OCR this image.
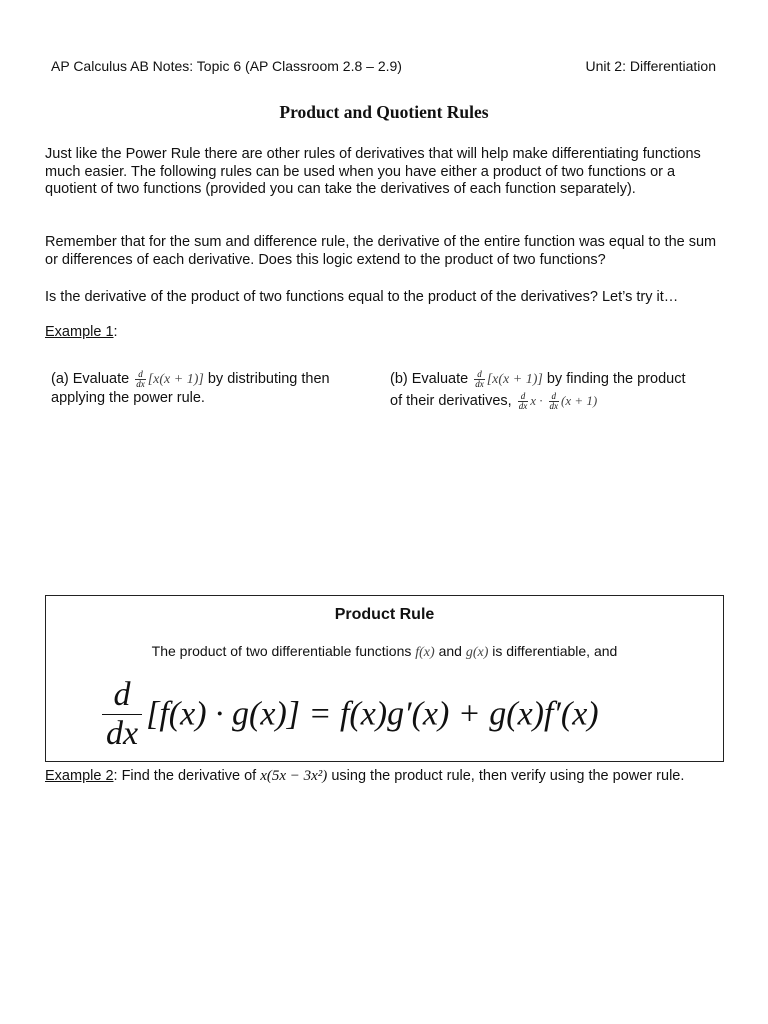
AP Calculus AB Notes: Topic 6 (AP Classroom 2.8 – 2.9)	Unit 2: Differentiation
Product and Quotient Rules

Just like the Power Rule there are other rules of derivatives that will help make differentiating functions much easier. The following rules can be used when you have either a product of two functions or a quotient of two functions (provided you can take the derivatives of each function separately).

Remember that for the sum and difference rule, the derivative of the entire function was equal to the sum or differences of each derivative. Does this logic extend to the product of two functions?

Is the derivative of the product of two functions equal to the product of the derivatives? Let’s try it…

Example 1:
(a) Evaluate $\frac{d}{dx} [x(x + 1)]$ by distributing then
applying the power rule.
(b) Evaluate $\frac{d}{dx} [x(x + 1)]$ by finding the product
of their derivatives, $\frac{d}{dx}$ $x \cdot \frac{d}{dx} (x + 1)$
Product Rule
The product of two differentiable functions f(x) and g(x) is differentiable, and
$\frac{d}{dx} [f(x) \cdot g(x)] = f(x)g'(x) + g(x)f'(x)$
Example 2: Find the derivative of x(5x − 3x²) using the product rule, then verify using the power rule.
